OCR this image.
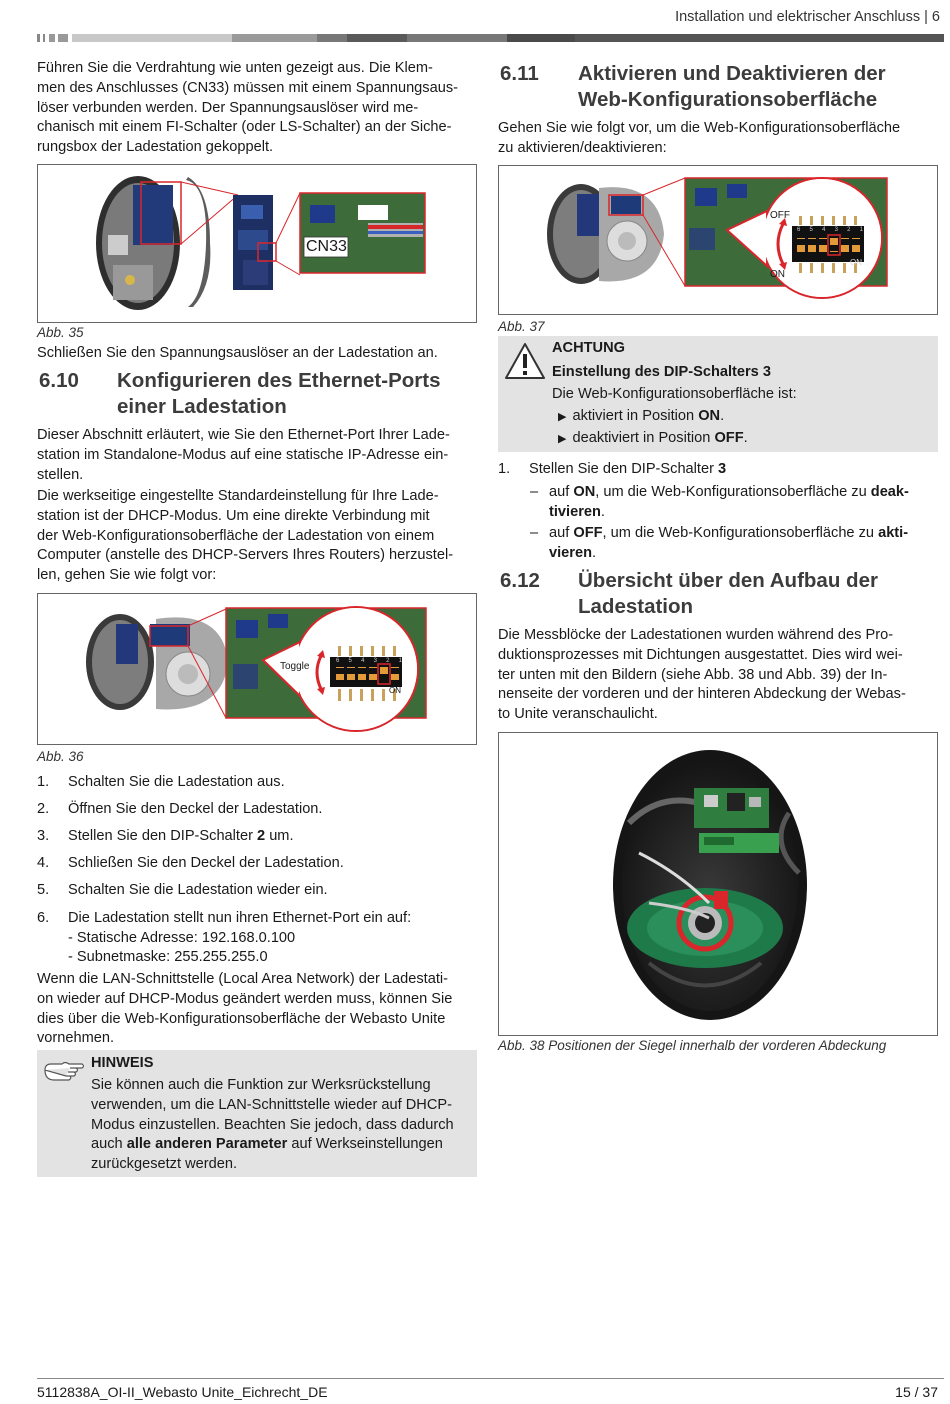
Installation und elektrischer Anschluss | 6
Führen Sie die Verdrahtung wie unten gezeigt aus. Die Klem-
men des Anschlusses (CN33) müssen mit einem Spannungsaus-
löser verbunden werden. Der Spannungsauslöser wird me-
chanisch mit einem FI-Schalter (oder LS-Schalter) an der Siche-
rungsbox der Ladestation gekoppelt.
CN33
Abb. 35
Schließen Sie den Spannungsauslöser an der Ladestation an.
6.10 Konfigurieren des Ethernet-Ports
einer Ladestation
Dieser Abschnitt erläutert, wie Sie den Ethernet-Port Ihrer Lade-
station im Standalone-Modus auf eine statische IP-Adresse ein-
stellen.
Die werkseitige eingestellte Standardeinstellung für Ihre Lade-
station ist der DHCP-Modus. Um eine direkte Verbindung mit
der Web-Konfigurationsoberfläche der Ladestation von einem
Computer (anstelle des DHCP-Servers Ihres Routers) herzustel-
len, gehen Sie wie folgt vor:
Toggle
ON
6 5 4 3 2 1
Abb. 36
1. Schalten Sie die Ladestation aus.
2. Öffnen Sie den Deckel der Ladestation.
3. Stellen Sie den DIP-Schalter 2 um.
4. Schließen Sie den Deckel der Ladestation.
5. Schalten Sie die Ladestation wieder ein.
6. Die Ladestation stellt nun ihren Ethernet-Port ein auf:
- Statische Adresse: 192.168.0.100
- Subnetmaske: 255.255.255.0
Wenn die LAN-Schnittstelle (Local Area Network) der Ladestati-
on wieder auf DHCP-Modus geändert werden muss, können Sie
dies über die Web-Konfigurationsoberfläche der Webasto Unite
vornehmen.
HINWEIS
Sie können auch die Funktion zur Werksrückstellung
verwenden, um die LAN-Schnittstelle wieder auf DHCP-
Modus einzustellen. Beachten Sie jedoch, dass dadurch
auch alle anderen Parameter auf Werkseinstellungen
zurückgesetzt werden.
6.11 Aktivieren und Deaktivieren der
Web-Konfigurationsoberfläche
Gehen Sie wie folgt vor, um die Web-Konfigurationsoberfläche
zu aktivieren/deaktivieren:
OFF
ON
ON
6 5 4 3 2 1
Abb. 37
ACHTUNG
Einstellung des DIP-Schalters 3
Die Web-Konfigurationsoberfläche ist:
▶ aktiviert in Position ON.
▶ deaktiviert in Position OFF.
1. Stellen Sie den DIP-Schalter 3
– auf ON, um die Web-Konfigurationsoberfläche zu deak-
tivieren.
– auf OFF, um die Web-Konfigurationsoberfläche zu akti-
vieren.
6.12 Übersicht über den Aufbau der
Ladestation
Die Messblöcke der Ladestationen wurden während des Pro-
duktionsprozesses mit Dichtungen ausgestattet. Dies wird wei-
ter unten mit den Bildern (siehe Abb. 38 und Abb. 39) der In-
nenseite der vorderen und der hinteren Abdeckung der Webas-
to Unite veranschaulicht.
Abb. 38 Positionen der Siegel innerhalb der vorderen Abdeckung
5112838A_OI-II_Webasto Unite_Eichrecht_DE	15 / 37
